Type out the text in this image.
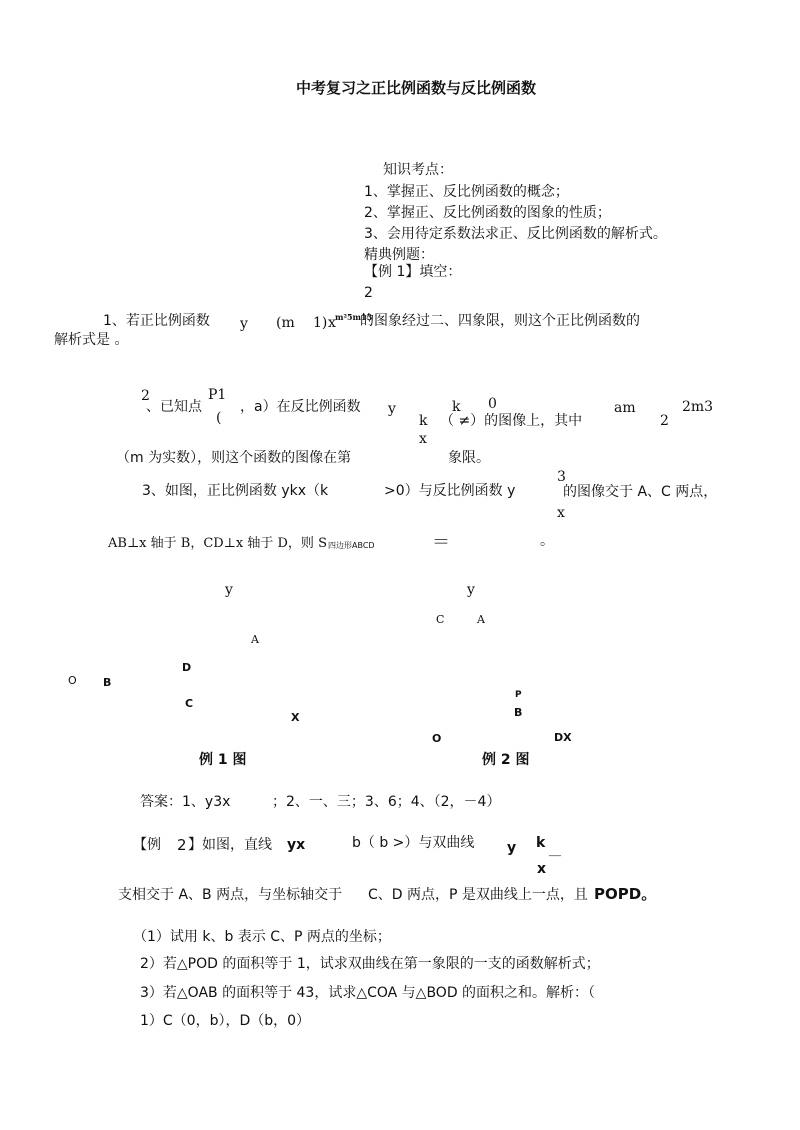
中考复习之正比例函数与反比例函数
知识考点：
1、掌握正、反比例函数的概念；
2、掌握正、反比例函数的图象的性质；
3、会用待定系数法求正、反比例函数的解析式。
精典例题：
【例 1】填空：
2
1、若正比例函数 y (m 1) x m²5m13
的图象经过二、四象限，则这个正比例函数的
解析式是 。
2
、已知点
P1
(
，a）在反比例函数 y
k
x
k 0
（ ≠）的图像上，其中
am
2
2m3
（m 为实数），则这个函数的图像在第	象限。
3、如图，正比例函数 ykx（k	>0）与反比例函数 y
3
的图像交于 A、C 两点，
x
AB⊥x 轴于 B，CD⊥x 轴于 D，则 S 四边形ABCD	＝	。
y
A
D
O B
C
X
例 1 图
y
C	A
P
B
O	DX
例 2 图
答案：1、y3x	；2、一、三；3、6；4、（2，－4）
【例 2 】如图，直线 yx	b（ b >）与双曲线 y k
___
x
支相交于 A、B 两点，与坐标轴交于 C、D 两点，P 是双曲线上一点，且 POPD。
（1）试用 k、b 表示 C、P 两点的坐标；
2）若△POD 的面积等于 1，试求双曲线在第一象限的一支的函数解析式；
3）若△OAB 的面积等于 43，试求△COA 与△BOD 的面积之和。解析：（
1）C（0，b），D（b，0）
